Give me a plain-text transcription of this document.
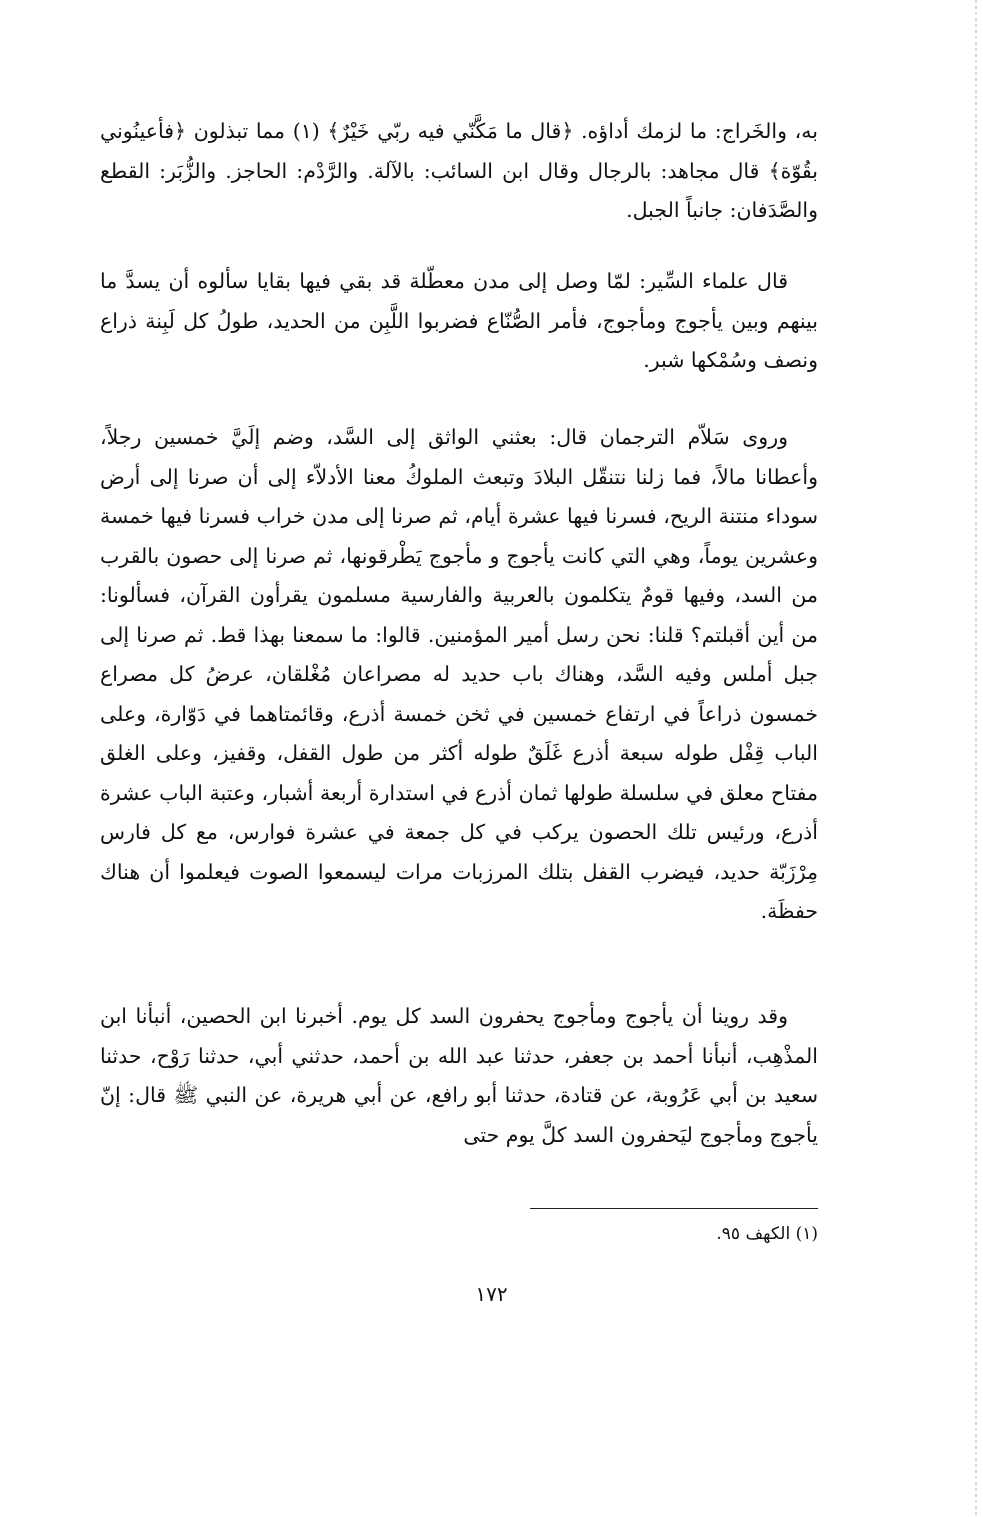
به، والخَراج: ما لزمك أداؤه. ﴿قال ما مَكَّنّي فيه ربّي خَيْرٌ﴾ (١) مما تبذلون ﴿فأعينُوني بقُوّة﴾ قال مجاهد: بالرجال وقال ابن السائب: بالآلة. والرَّدْم: الحاجز. والزُّبَر: القطع والصَّدَفان: جانباً الجبل.

قال علماء السِّير: لمّا وصل إلى مدن معطّلة قد بقي فيها بقايا سألوه أن يسدَّ ما بينهم وبين يأجوج ومأجوج، فأمر الصُّنّاع فضربوا اللَّبِن من الحديد، طولُ كل لَبِنة ذراع ونصف وسُمْكها شبر.

وروى سَلاّم الترجمان قال: بعثني الواثق إلى السَّد، وضم إلَيَّ خمسين رجلاً، وأعطانا مالاً، فما زلنا نتنقّل البلادَ وتبعث الملوكُ معنا الأدلاّء إلى أن صرنا إلى أرض سوداء منتنة الريح، فسرنا فيها عشرة أيام، ثم صرنا إلى مدن خراب فسرنا فيها خمسة وعشرين يوماً، وهي التي كانت يأجوج و مأجوج يَطْرقونها، ثم صرنا إلى حصون بالقرب من السد، وفيها قومٌ يتكلمون بالعربية والفارسية مسلمون يقرأون القرآن، فسألونا: من أين أقبلتم؟ قلنا: نحن رسل أمير المؤمنين. قالوا: ما سمعنا بهذا قط. ثم صرنا إلى جبل أملس وفيه السَّد، وهناك باب حديد له مصراعان مُغْلقان، عرضُ كل مصراع خمسون ذراعاً في ارتفاع خمسين في ثخن خمسة أذرع، وقائمتاهما في دَوّارة، وعلى الباب قِفْل طوله سبعة أذرع غَلَقٌ طوله أكثر من طول القفل، وقفيز، وعلى الغلق مفتاح معلق في سلسلة طولها ثمان أذرع في استدارة أربعة أشبار، وعتبة الباب عشرة أذرع، ورئيس تلك الحصون يركب في كل جمعة في عشرة فوارس، مع كل فارس مِرْزَبّة حديد، فيضرب القفل بتلك المرزبات مرات ليسمعوا الصوت فيعلموا أن هناك حفظَة.

وقد روينا أن يأجوج ومأجوج يحفرون السد كل يوم. أخبرنا ابن الحصين، أنبأنا ابن المذْهِب، أنبأنا أحمد بن جعفر، حدثنا عبد الله بن أحمد، حدثني أبي، حدثنا رَوْح، حدثنا سعيد بن أبي عَرُوبة، عن قتادة، حدثنا أبو رافع، عن أبي هريرة، عن النبي ﷺ قال: إنّ يأجوج ومأجوج ليَحفرون السد كلَّ يوم حتى

(١) الكهف ٩٥.
١٧٢
